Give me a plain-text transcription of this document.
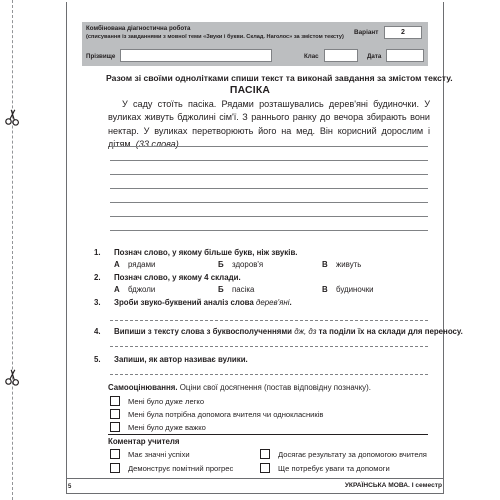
Комбінована діагностична робота
(списування із завданнями з мовної теми «Звуки і букви. Склад. Наголос» за змістом тексту)
Варіант	2
Прізвище	Клас	Дата
Разом зі своїми однолітками спиши текст та виконай завдання за змістом тексту.
ПАСІКА
У саду стоїть пасіка. Рядами розташувались дерев'яні будиночки. У вуликах живуть бджолині сім'ї. З раннього ранку до вечора збирають вони нектар. У вуликах перетворюють його на мед. Він корисний дорослим і дітям. (33 слова)
1. Познач слово, у якому більше букв, ніж звуків.
А рядами	Б здоров'я	В живуть
2. Познач слово, у якому 4 склади.
А бджоли	Б пасіка	В будиночки
3. Зроби звуко-буквений аналіз слова дерев'яні.
4. Випиши з тексту слова з буквосполученнями дж, дз та поділи їх на склади для переносу.
5. Запиши, як автор називає вулики.
Самооцінювання. Оціни свої досягнення (постав відповідну позначку).
Мені було дуже легко
Мені була потрібна допомога вчителя чи однокласників
Мені було дуже важко
Коментар учителя
Має значні успіхи	Досягає результату за допомогою вчителя
Демонструє помітний прогрес	Ще потребує уваги та допомоги
5	УКРАЇНСЬКА МОВА. І семестр
